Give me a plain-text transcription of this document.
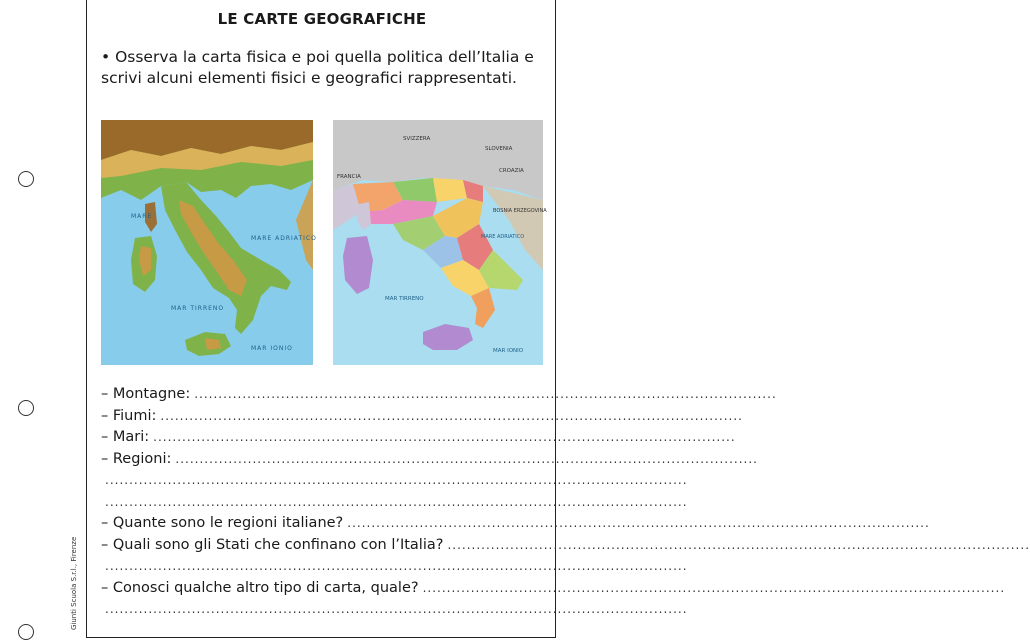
Giunti Scuola S.r.l., Firenze
LE CARTE GEOGRAFICHE
• Osserva la carta fisica e poi quella politica dell’Italia e scrivi alcuni elementi fisici e geografici rappresentati.
MARE
MAR TIRRENO
MARE ADRIATICO
MAR IONIO
SLOVENIA
CROAZIA
BOSNIA ERZEGOVINA
MARE ADRIATICO
MAR TIRRENO
MAR IONIO
FRANCIA
SVIZZERA
– Montagne: .........................................................................................................................
– Fiumi: .........................................................................................................................
– Mari: .........................................................................................................................
– Regioni: .........................................................................................................................
.........................................................................................................................
.........................................................................................................................
– Quante sono le regioni italiane? .........................................................................................................................
– Quali sono gli Stati che confinano con l’Italia? .........................................................................................................................
.........................................................................................................................
– Conosci qualche altro tipo di carta, quale? .........................................................................................................................
.........................................................................................................................
